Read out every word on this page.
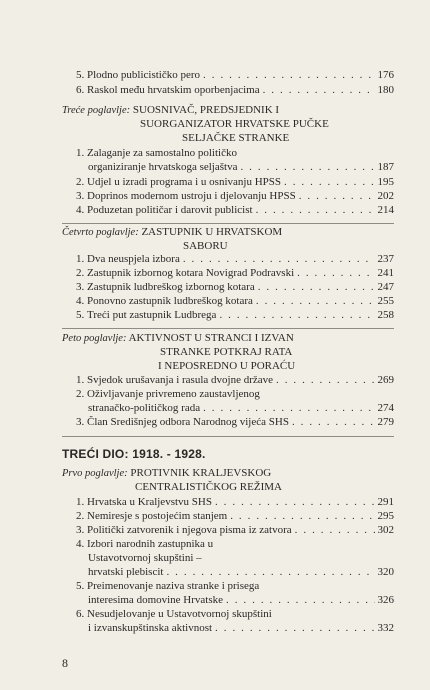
5.
Plodno publicističko pero . . .	176
6.
Raskol među hrvatskim oporbenjacima . . .	180
Treće poglavlje: SUOSNIVAČ, PREDSJEDNIK I
SUORGANIZATOR HRVATSKE PUČKE
SELJAČKE STRANKE
1. Zalaganje za samostalno političko
organiziranje hrvatskoga seljaštva . . .	187
2.
Udjel u izradi programa i u osnivanju HPSS . . .	195
3.
Doprinos modernom ustroju i djelovanju HPSS . . .	202
4.
Poduzetan političar i darovit publicist . . .	214
Četvrto poglavlje: ZASTUPNIK U HRVATSKOM
SABORU
1.
Dva neuspjela izbora . . .	237
2.
Zastupnik izbornog kotara Novigrad Podravski . . .	241
3.
Zastupnik ludbreškog izbornog kotara . . .	247
4.
Ponovno zastupnik ludbreškog kotara . . .	255
5.
Treći put zastupnik Ludbrega . . .	258
Peto poglavlje: AKTIVNOST U STRANCI I IZVAN
STRANKE POTKRAJ RATA
I NEPOSREDNO U PORAĆU
1.
Svjedok urušavanja i rasula dvojne države . . .	269
2. Oživljavanje privremeno zaustavljenog
stranačko-političkog rada . . .	274
3.
Član Središnjeg odbora Narodnog vijeća SHS . . .	279
TREĆI DIO: 1918. - 1928.
Prvo poglavlje: PROTIVNIK KRALJEVSKOG
CENTRALISTIČKOG REŽIMA
1.
Hrvatska u Kraljevstvu SHS . . .	291
2.
Nemiresje s postojećim stanjem . . .	295
3.
Politički zatvorenik i njegova pisma iz zatvora . . .	302
4. Izbori narodnih zastupnika u
Ustavotvornoj skupštini –
hrvatski plebiscit . . .	320
5. Preimenovanje naziva stranke i prisega
interesima domovine Hrvatske . . .	326
6. Nesudjelovanje u Ustavotvornoj skupštini
i izvanskupštinska aktivnost . . .	332
8
